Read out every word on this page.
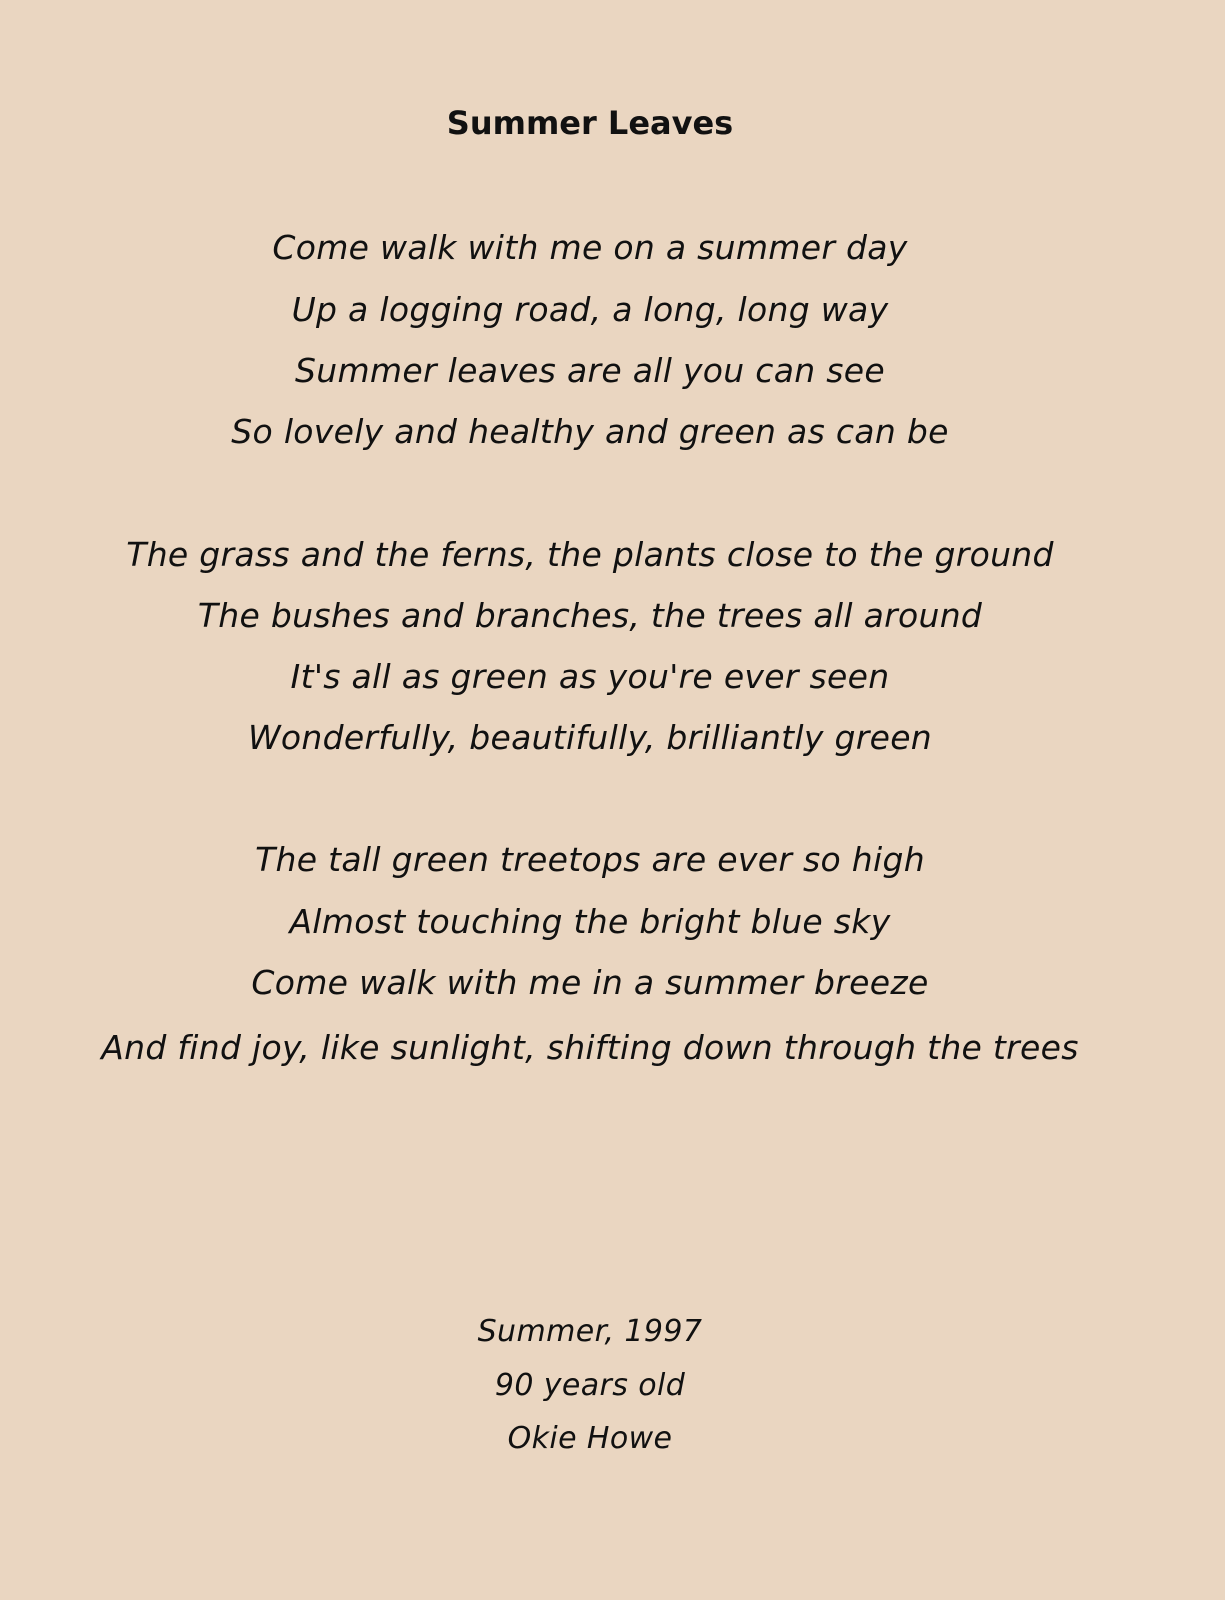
Summer Leaves
Come walk with me on a summer day
Up a logging road, a long, long way
Summer leaves are all you can see
So lovely and healthy and green as can be
The grass and the ferns, the plants close to the ground
The bushes and branches, the trees all around
It's all as green as you're ever seen
Wonderfully, beautifully, brilliantly green
The tall green treetops are ever so high
Almost touching the bright blue sky
Come walk with me in a summer breeze
And find joy, like sunlight, shifting down through the trees
Summer, 1997
90 years old
Okie Howe
